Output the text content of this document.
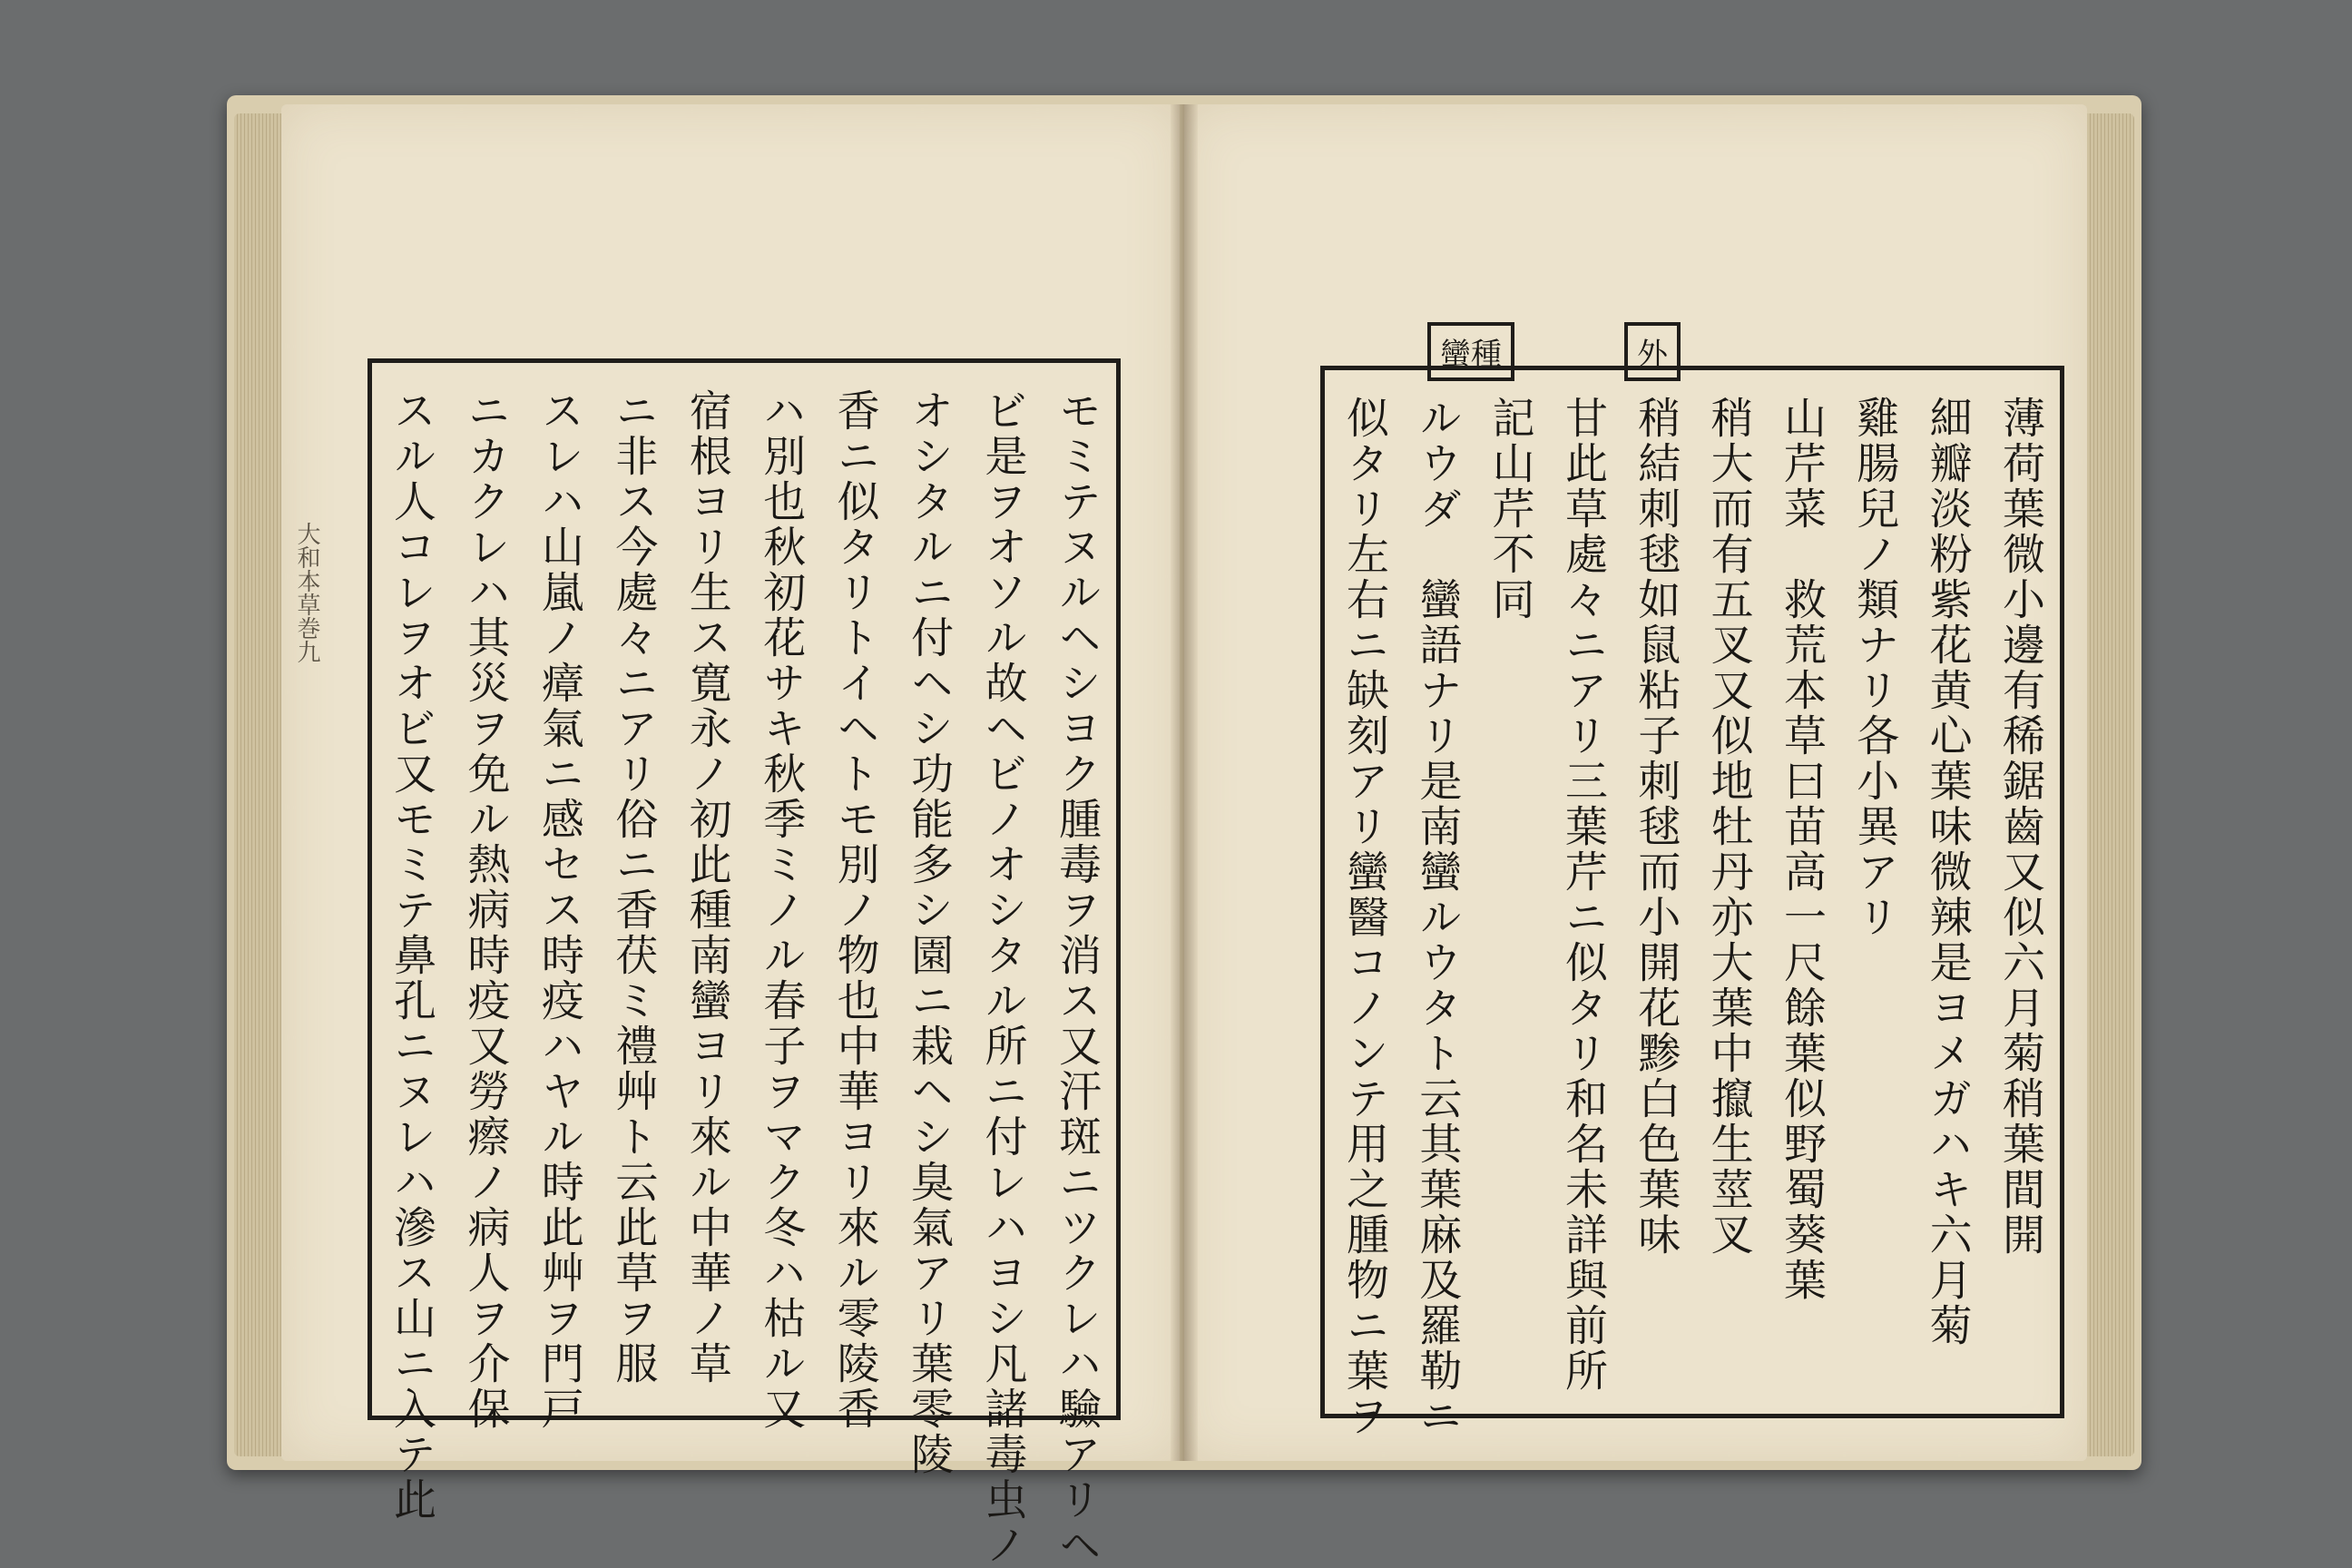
大和本草巻九	モミテヌルヘシヨク腫毒ヲ消ス又汗斑ニツクレハ驗アリヘ
ビ是ヲオソル故ヘビノオシタル所ニ付レハヨシ凡諸毒虫ノ
オシタルニ付ヘシ功能多シ園ニ栽ヘシ臭氣アリ葉零陵
香ニ似タリトイヘトモ別ノ物也中華ヨリ來ル零陵香
ハ別也秋初花サキ秋季ミノル春子ヲマク冬ハ枯ル又
宿根ヨリ生ス寛永ノ初此種南蠻ヨリ來ル中華ノ草
ニ非ス今處々ニアリ俗ニ香茯ミ禮艸ト云此草ヲ服
スレハ山嵐ノ瘴氣ニ感セス時疫ハヤル時此艸ヲ門戸
ニカクレハ其災ヲ免ル熱病時疫又勞瘵ノ病人ヲ介保
スル人コレヲオビ又モミテ鼻孔ニヌレハ滲ス山ニ入テ此
蠻種	外
薄荷葉微小邊有稀鋸齒又似六月菊稍葉間開
細瓣淡粉紫花黄心葉味微辣是ヨメガハキ六月菊
雞腸兒ノ類ナリ各小異アリ
山芹菜　救荒本草曰苗高一尺餘葉似野蜀葵葉
稍大而有五叉又似地牡丹亦大葉中攛生莖叉
稍結刺毬如鼠粘子刺毬而小開花黪白色葉味
甘此草處々ニアリ三葉芹ニ似タリ和名未詳與前所
記山芹不同
ルウダ　蠻語ナリ是南蠻ルウタト云其葉麻及羅勒ニ
似タリ左右ニ缺刻アリ蠻醫コノンテ用之腫物ニ葉ヲ
